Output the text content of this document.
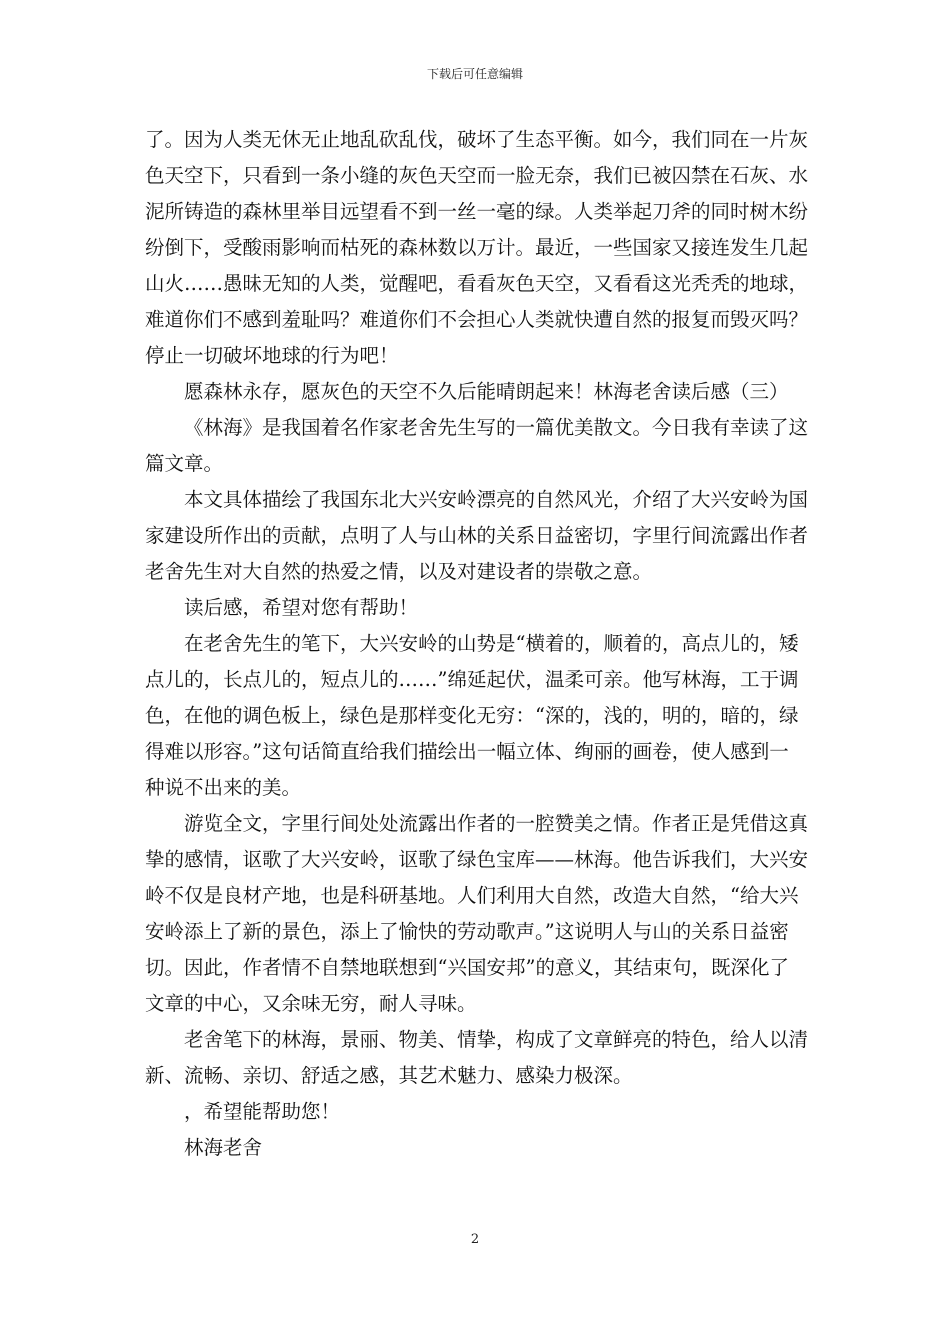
下载后可任意编辑
了。因为人类无休无止地乱砍乱伐，破坏了生态平衡。如今，我们同在一片灰
色天空下，只看到一条小缝的灰色天空而一脸无奈，我们已被囚禁在石灰、水
泥所铸造的森林里举目远望看不到一丝一毫的绿。人类举起刀斧的同时树木纷
纷倒下，受酸雨影响而枯死的森林数以万计。最近，一些国家又接连发生几起
山火……愚昧无知的人类，觉醒吧，看看灰色天空，又看看这光秃秃的地球，
难道你们不感到羞耻吗？难道你们不会担心人类就快遭自然的报复而毁灭吗？
停止一切破坏地球的行为吧！
愿森林永存，愿灰色的天空不久后能晴朗起来！林海老舍读后感（三）
《林海》是我国着名作家老舍先生写的一篇优美散文。今日我有幸读了这
篇文章。
本文具体描绘了我国东北大兴安岭漂亮的自然风光，介绍了大兴安岭为国
家建设所作出的贡献，点明了人与山林的关系日益密切，字里行间流露出作者
老舍先生对大自然的热爱之情，以及对建设者的崇敬之意。
读后感，希望对您有帮助！
在老舍先生的笔下，大兴安岭的山势是“横着的，顺着的，高点儿的，矮
点儿的，长点儿的，短点儿的……”绵延起伏，温柔可亲。他写林海，工于调
色，在他的调色板上，绿色是那样变化无穷：“深的，浅的，明的，暗的，绿
得难以形容。”这句话简直给我们描绘出一幅立体、绚丽的画卷，使人感到一
种说不出来的美。
游览全文，字里行间处处流露出作者的一腔赞美之情。作者正是凭借这真
挚的感情，讴歌了大兴安岭，讴歌了绿色宝库——林海。他告诉我们，大兴安
岭不仅是良材产地，也是科研基地。人们利用大自然，改造大自然，“给大兴
安岭添上了新的景色，添上了愉快的劳动歌声。”这说明人与山的关系日益密
切。因此，作者情不自禁地联想到“兴国安邦”的意义，其结束句，既深化了
文章的中心，又余味无穷，耐人寻味。
老舍笔下的林海，景丽、物美、情挚，构成了文章鲜亮的特色，给人以清
新、流畅、亲切、舒适之感，其艺术魅力、感染力极深。
，希望能帮助您！
林海老舍
2
